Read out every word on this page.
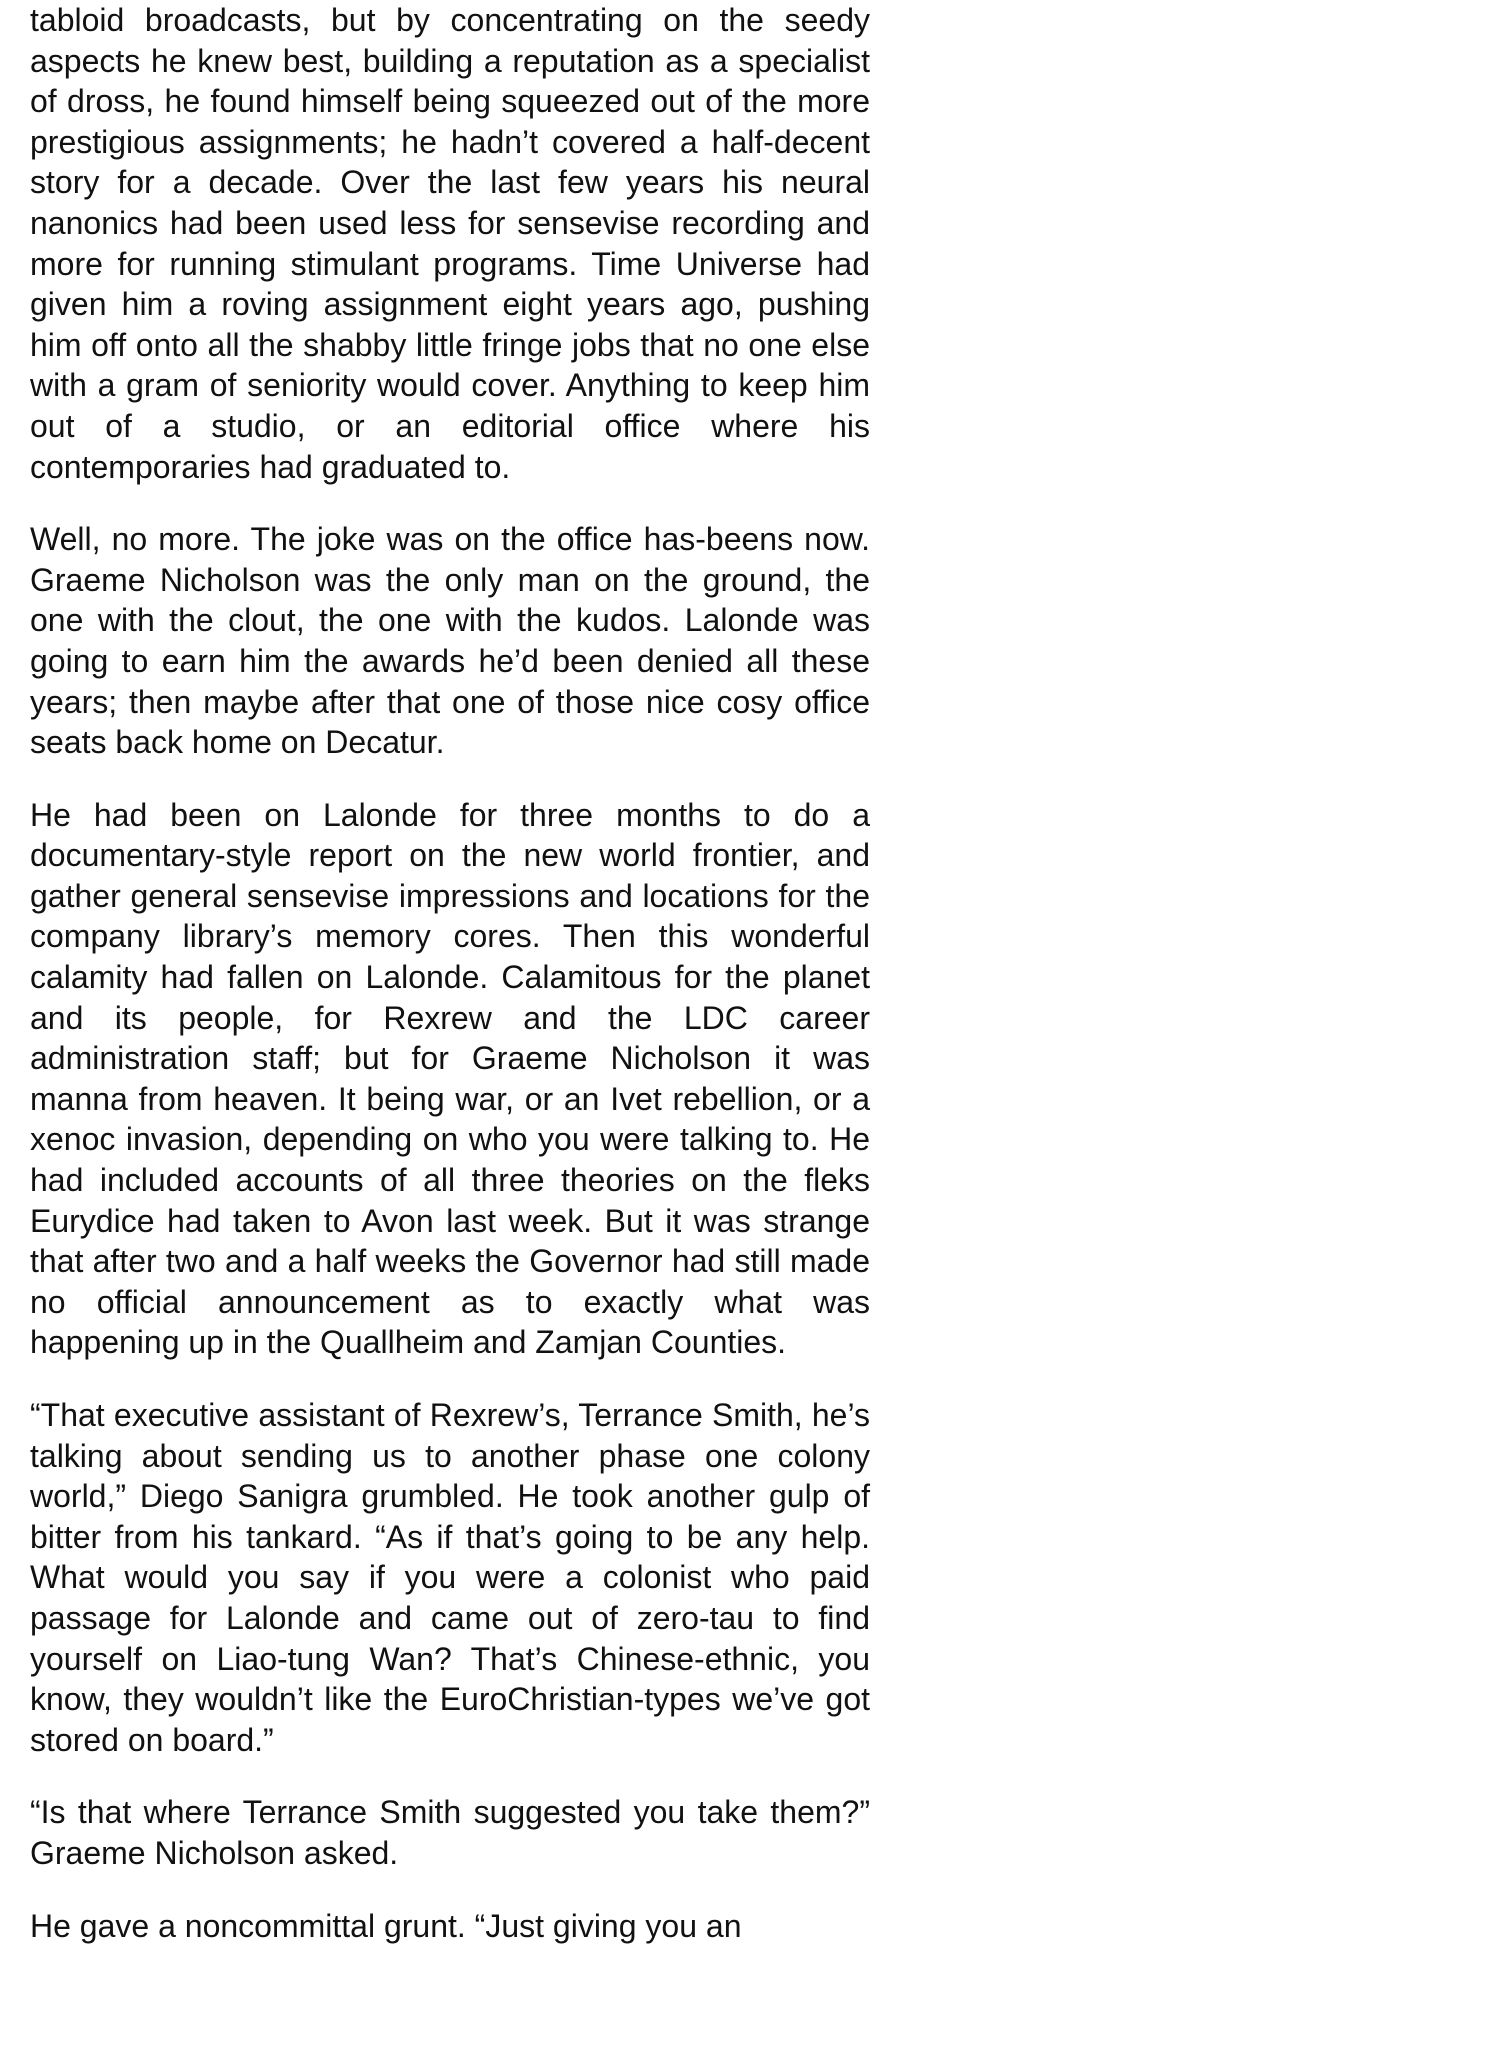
tabloid broadcasts, but by concentrating on the seedy aspects he knew best, building a reputation as a specialist of dross, he found himself being squeezed out of the more prestigious assignments; he hadn’t covered a half-decent story for a decade. Over the last few years his neural nanonics had been used less for sensevise recording and more for running stimulant programs. Time Universe had given him a roving assignment eight years ago, pushing him off onto all the shabby little fringe jobs that no one else with a gram of seniority would cover. Anything to keep him out of a studio, or an editorial office where his contemporaries had graduated to.

Well, no more. The joke was on the office has-beens now. Graeme Nicholson was the only man on the ground, the one with the clout, the one with the kudos. Lalonde was going to earn him the awards he’d been denied all these years; then maybe after that one of those nice cosy office seats back home on Decatur.

He had been on Lalonde for three months to do a documentary-style report on the new world frontier, and gather general sensevise impressions and locations for the company library’s memory cores. Then this wonderful calamity had fallen on Lalonde. Calamitous for the planet and its people, for Rexrew and the LDC career administration staff; but for Graeme Nicholson it was manna from heaven. It being war, or an Ivet rebellion, or a xenoc invasion, depending on who you were talking to. He had included accounts of all three theories on the fleks Eurydice had taken to Avon last week. But it was strange that after two and a half weeks the Governor had still made no official announcement as to exactly what was happening up in the Quallheim and Zamjan Counties.

“That executive assistant of Rexrew’s, Terrance Smith, he’s talking about sending us to another phase one colony world,” Diego Sanigra grumbled. He took another gulp of bitter from his tankard. “As if that’s going to be any help. What would you say if you were a colonist who paid passage for Lalonde and came out of zero-tau to find yourself on Liao-tung Wan? That’s Chinese-ethnic, you know, they wouldn’t like the EuroChristian-types we’ve got stored on board.”

“Is that where Terrance Smith suggested you take them?” Graeme Nicholson asked.

He gave a noncommittal grunt. “Just giving you an
